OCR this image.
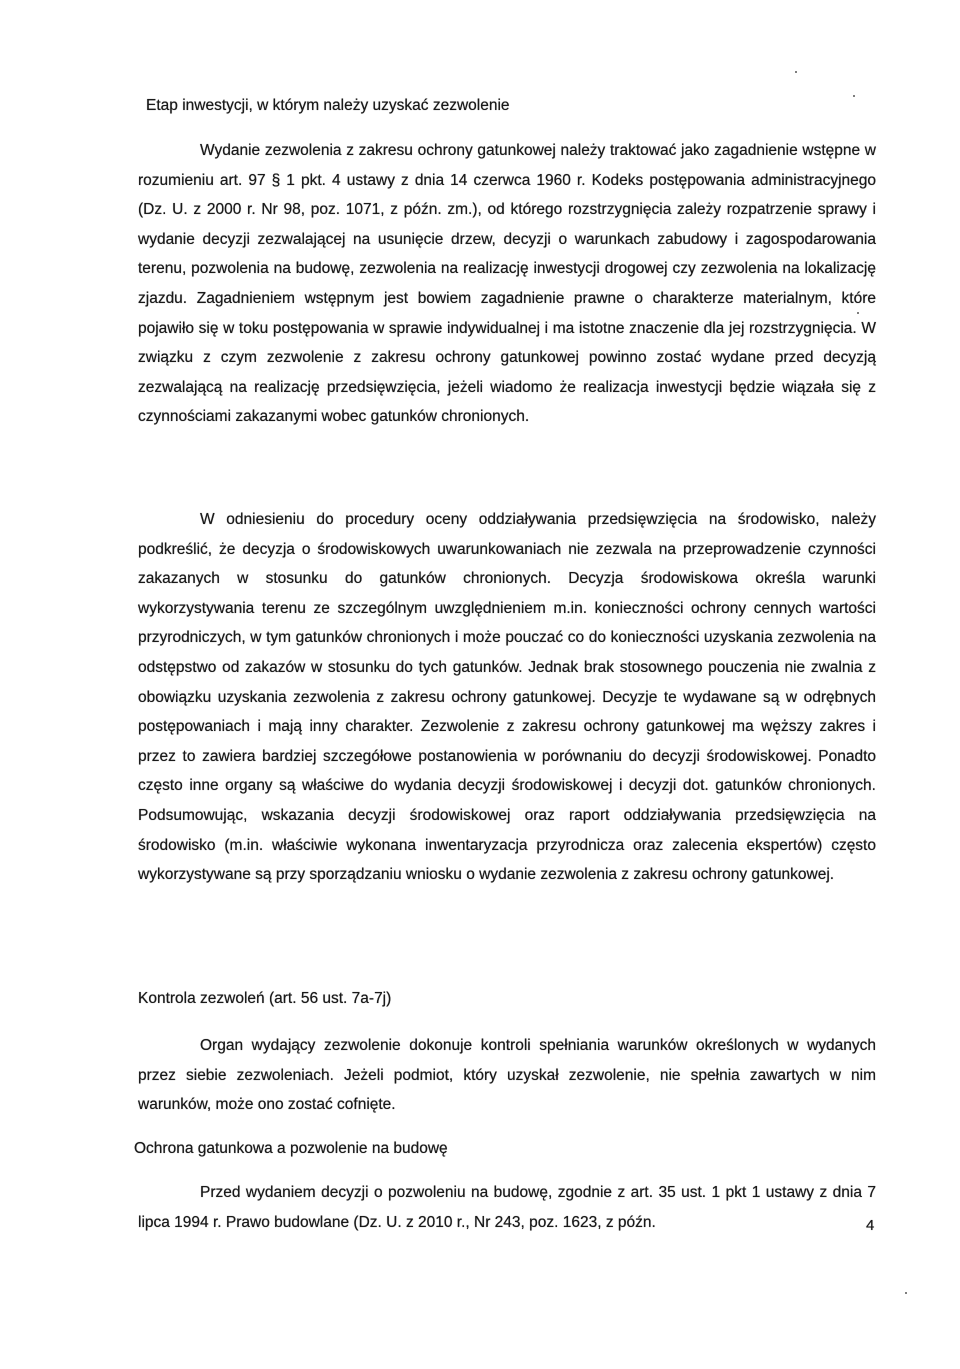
Etap inwestycji, w którym należy uzyskać zezwolenie
Wydanie zezwolenia z zakresu ochrony gatunkowej należy traktować jako zagadnienie wstępne w rozumieniu art. 97 § 1 pkt. 4 ustawy z dnia 14 czerwca 1960 r. Kodeks postępowania administracyjnego (Dz. U. z 2000 r. Nr 98, poz. 1071, z późn. zm.), od którego rozstrzygnięcia zależy rozpatrzenie sprawy i wydanie decyzji zezwalającej na usunięcie drzew, decyzji o warunkach zabudowy i zagospodarowania terenu, pozwolenia na budowę, zezwolenia na realizację inwestycji drogowej czy zezwolenia na lokalizację zjazdu. Zagadnieniem wstępnym jest bowiem zagadnienie prawne o charakterze materialnym, które pojawiło się w toku postępowania w sprawie indywidualnej i ma istotne znaczenie dla jej rozstrzygnięcia. W związku z czym zezwolenie z zakresu ochrony gatunkowej powinno zostać wydane przed decyzją zezwalającą na realizację przedsięwzięcia, jeżeli wiadomo że realizacja inwestycji będzie wiązała się z czynnościami zakazanymi wobec gatunków chronionych.
W odniesieniu do procedury oceny oddziaływania przedsięwzięcia na środowisko, należy podkreślić, że decyzja o środowiskowych uwarunkowaniach nie zezwala na przeprowadzenie czynności zakazanych w stosunku do gatunków chronionych. Decyzja środowiskowa określa warunki wykorzystywania terenu ze szczególnym uwzględnieniem m.in. konieczności ochrony cennych wartości przyrodniczych, w tym gatunków chronionych i może pouczać co do konieczności uzyskania zezwolenia na odstępstwo od zakazów w stosunku do tych gatunków. Jednak brak stosownego pouczenia nie zwalnia z obowiązku uzyskania zezwolenia z zakresu ochrony gatunkowej. Decyzje te wydawane są w odrębnych postępowaniach i mają inny charakter. Zezwolenie z zakresu ochrony gatunkowej ma węższy zakres i przez to zawiera bardziej szczegółowe postanowienia w porównaniu do decyzji środowiskowej. Ponadto często inne organy są właściwe do wydania decyzji środowiskowej i decyzji dot. gatunków chronionych. Podsumowując, wskazania decyzji środowiskowej oraz raport oddziaływania przedsięwzięcia na środowisko (m.in. właściwie wykonana inwentaryzacja przyrodnicza oraz zalecenia ekspertów) często wykorzystywane są przy sporządzaniu wniosku o wydanie zezwolenia z zakresu ochrony gatunkowej.
Kontrola zezwoleń (art. 56 ust. 7a-7j)
Organ wydający zezwolenie dokonuje kontroli spełniania warunków określonych w wydanych przez siebie zezwoleniach. Jeżeli podmiot, który uzyskał zezwolenie, nie spełnia zawartych w nim warunków, może ono zostać cofnięte.
Ochrona gatunkowa a pozwolenie na budowę
Przed wydaniem decyzji o pozwoleniu na budowę, zgodnie z art. 35 ust. 1 pkt 1 ustawy z dnia 7 lipca 1994 r. Prawo budowlane (Dz. U. z 2010 r., Nr 243, poz. 1623, z późn.	4
